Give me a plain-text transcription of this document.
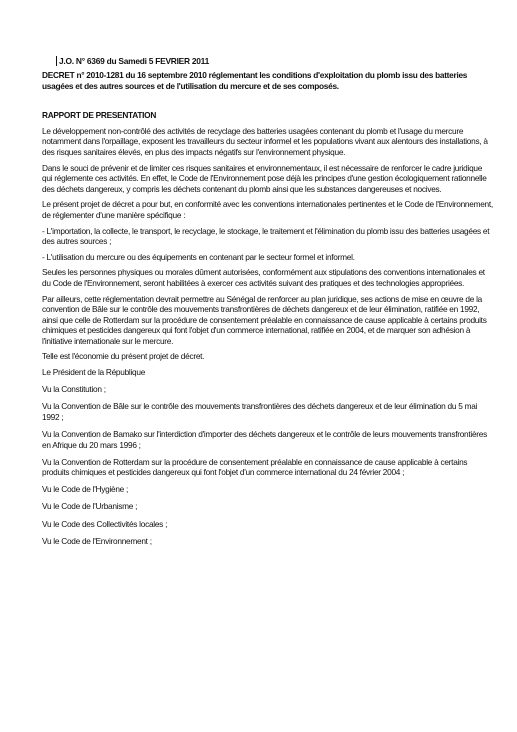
J.O. N° 6369 du Samedi 5 FEVRIER 2011

DECRET n° 2010-1281 du 16 septembre 2010 réglementant les conditions d'exploitation du plomb issu des batteries usagées et des autres sources et de l'utilisation du mercure et de ses composés.

RAPPORT DE PRESENTATION

Le développement non-contrôlé des activités de recyclage des batteries usagées contenant du plomb et l'usage du mercure notamment dans l'orpaillage, exposent les travailleurs du secteur informel et les populations vivant aux alentours des installations, à des risques sanitaires élevés, en plus des impacts négatifs sur l'environnement physique.

Dans le souci de prévenir et de limiter ces risques sanitaires et environnementaux, il est nécessaire de renforcer le cadre juridique qui réglemente ces activités. En effet, le Code de l'Environnement pose déjà les principes d'une gestion écologiquement rationnelle des déchets dangereux, y compris les déchets contenant du plomb ainsi que les substances dangereuses et nocives.

Le présent projet de décret a pour but, en conformité avec les conventions internationales pertinentes et le Code de l'Environnement, de réglementer d'une manière spécifique :

- L'importation, la collecte, le transport, le recyclage, le stockage, le traitement et l'élimination du plomb issu des batteries usagées et des autres sources ;

- L'utilisation du mercure ou des équipements en contenant par le secteur formel et informel.

Seules les personnes physiques ou morales dûment autorisées, conformément aux stipulations des conventions internationales et du Code de l'Environnement, seront habilitées à exercer ces activités suivant des pratiques et des technologies appropriées.

Par ailleurs, cette réglementation devrait permettre au Sénégal de renforcer au plan juridique, ses actions de mise en œuvre de la convention de Bâle sur le contrôle des mouvements transfrontières de déchets dangereux et de leur élimination, ratifiée en 1992, ainsi que celle de Rotterdam sur la procédure de consentement préalable en connaissance de cause applicable à certains produits chimiques et pesticides dangereux qui font l'objet d'un commerce international, ratifiée en 2004, et de marquer son adhésion à l'initiative internationale sur le mercure.

Telle est l'économie du présent projet de décret.

Le Président de la République

Vu la Constitution ;

Vu la Convention de Bâle sur le contrôle des mouvements transfrontières des déchets dangereux et de leur élimination du 5 mai 1992 ;

Vu la Convention de Bamako sur l'interdiction d'importer des déchets dangereux et le contrôle de leurs mouvements transfrontières en Afrique du 20 mars 1996 ;

Vu la Convention de Rotterdam sur la procédure de consentement préalable en connaissance de cause applicable à certains produits chimiques et pesticides dangereux qui font l'objet d'un commerce international du 24 février 2004 ;

Vu le Code de l'Hygiène ;

Vu le Code de l'Urbanisme ;

Vu le Code des Collectivités locales ;

Vu le Code de l'Environnement ;
